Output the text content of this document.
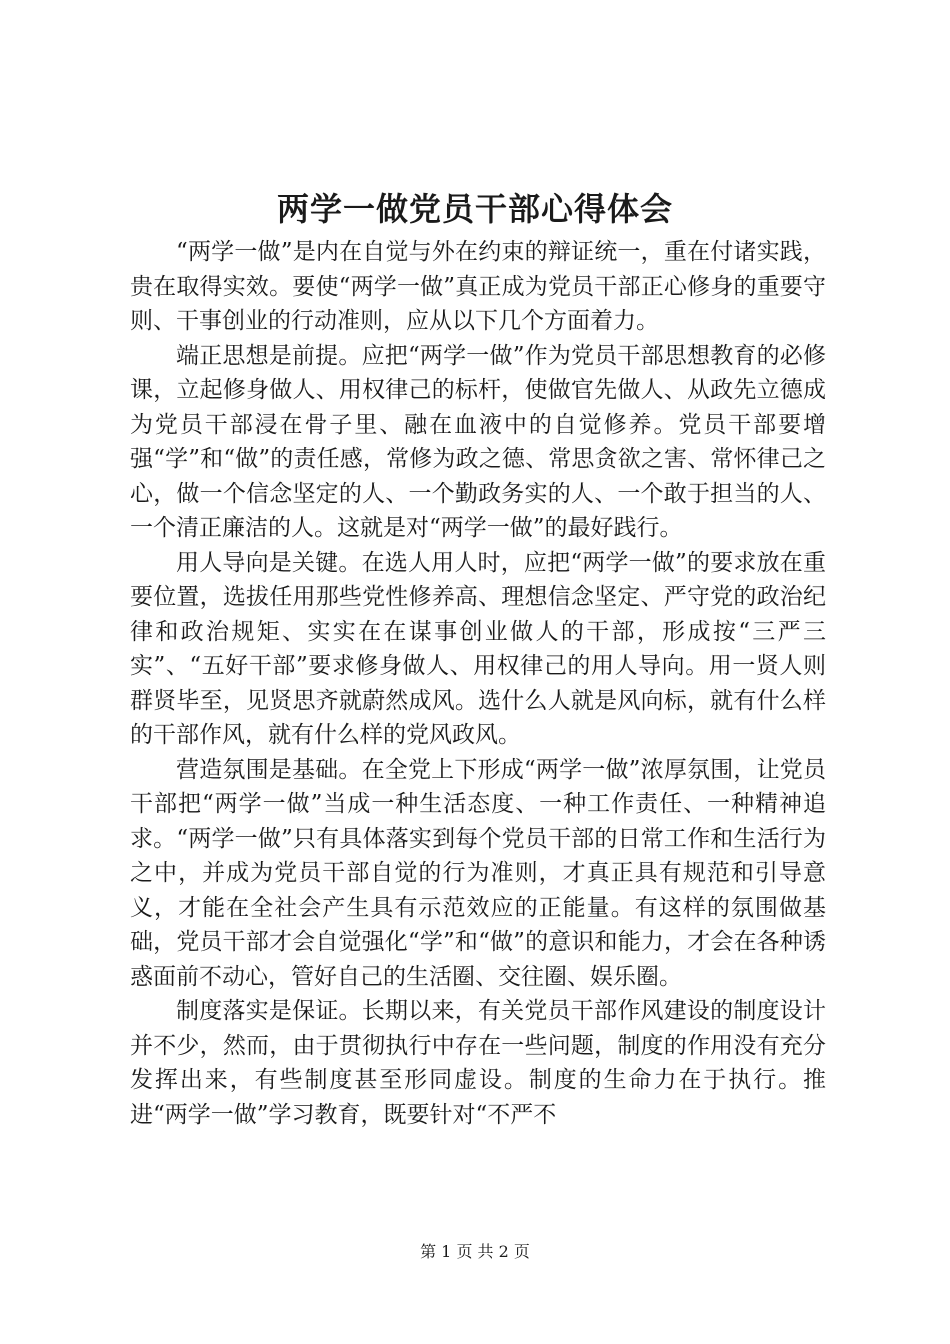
两学一做党员干部心得体会

“两学一做”是内在自觉与外在约束的辩证统一，重在付诸实践，贵在取得实效。要使“两学一做”真正成为党员干部正心修身的重要守则、干事创业的行动准则，应从以下几个方面着力。

端正思想是前提。应把“两学一做”作为党员干部思想教育的必修课，立起修身做人、用权律己的标杆，使做官先做人、从政先立德成为党员干部浸在骨子里、融在血液中的自觉修养。党员干部要增强“学”和“做”的责任感，常修为政之德、常思贪欲之害、常怀律己之心，做一个信念坚定的人、一个勤政务实的人、一个敢于担当的人、一个清正廉洁的人。这就是对“两学一做”的最好践行。

用人导向是关键。在选人用人时，应把“两学一做”的要求放在重要位置，选拔任用那些党性修养高、理想信念坚定、严守党的政治纪律和政治规矩、实实在在谋事创业做人的干部，形成按“三严三实”、“五好干部”要求修身做人、用权律己的用人导向。用一贤人则群贤毕至，见贤思齐就蔚然成风。选什么人就是风向标，就有什么样的干部作风，就有什么样的党风政风。

营造氛围是基础。在全党上下形成“两学一做”浓厚氛围，让党员干部把“两学一做”当成一种生活态度、一种工作责任、一种精神追求。“两学一做”只有具体落实到每个党员干部的日常工作和生活行为之中，并成为党员干部自觉的行为准则，才真正具有规范和引导意义，才能在全社会产生具有示范效应的正能量。有这样的氛围做基础，党员干部才会自觉强化“学”和“做”的意识和能力，才会在各种诱惑面前不动心，管好自己的生活圈、交往圈、娱乐圈。

制度落实是保证。长期以来，有关党员干部作风建设的制度设计并不少，然而，由于贯彻执行中存在一些问题，制度的作用没有充分发挥出来，有些制度甚至形同虚设。制度的生命力在于执行。推进“两学一做”学习教育，既要针对“不严不

第 1 页 共 2 页
